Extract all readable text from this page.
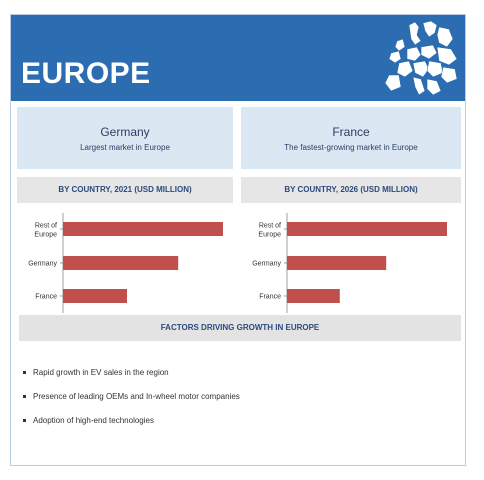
EUROPE
Germany
Largest market in Europe
France
The fastest-growing market in Europe
BY COUNTRY, 2021 (USD MILLION)	BY COUNTRY, 2026 (USD MILLION)
Rest of Europe
Germany
France
Rest of Europe
Germany
France
FACTORS DRIVING GROWTH IN EUROPE
Rapid growth in EV sales in the region
Presence of leading OEMs and In-wheel motor companies
Adoption of high-end technologies
